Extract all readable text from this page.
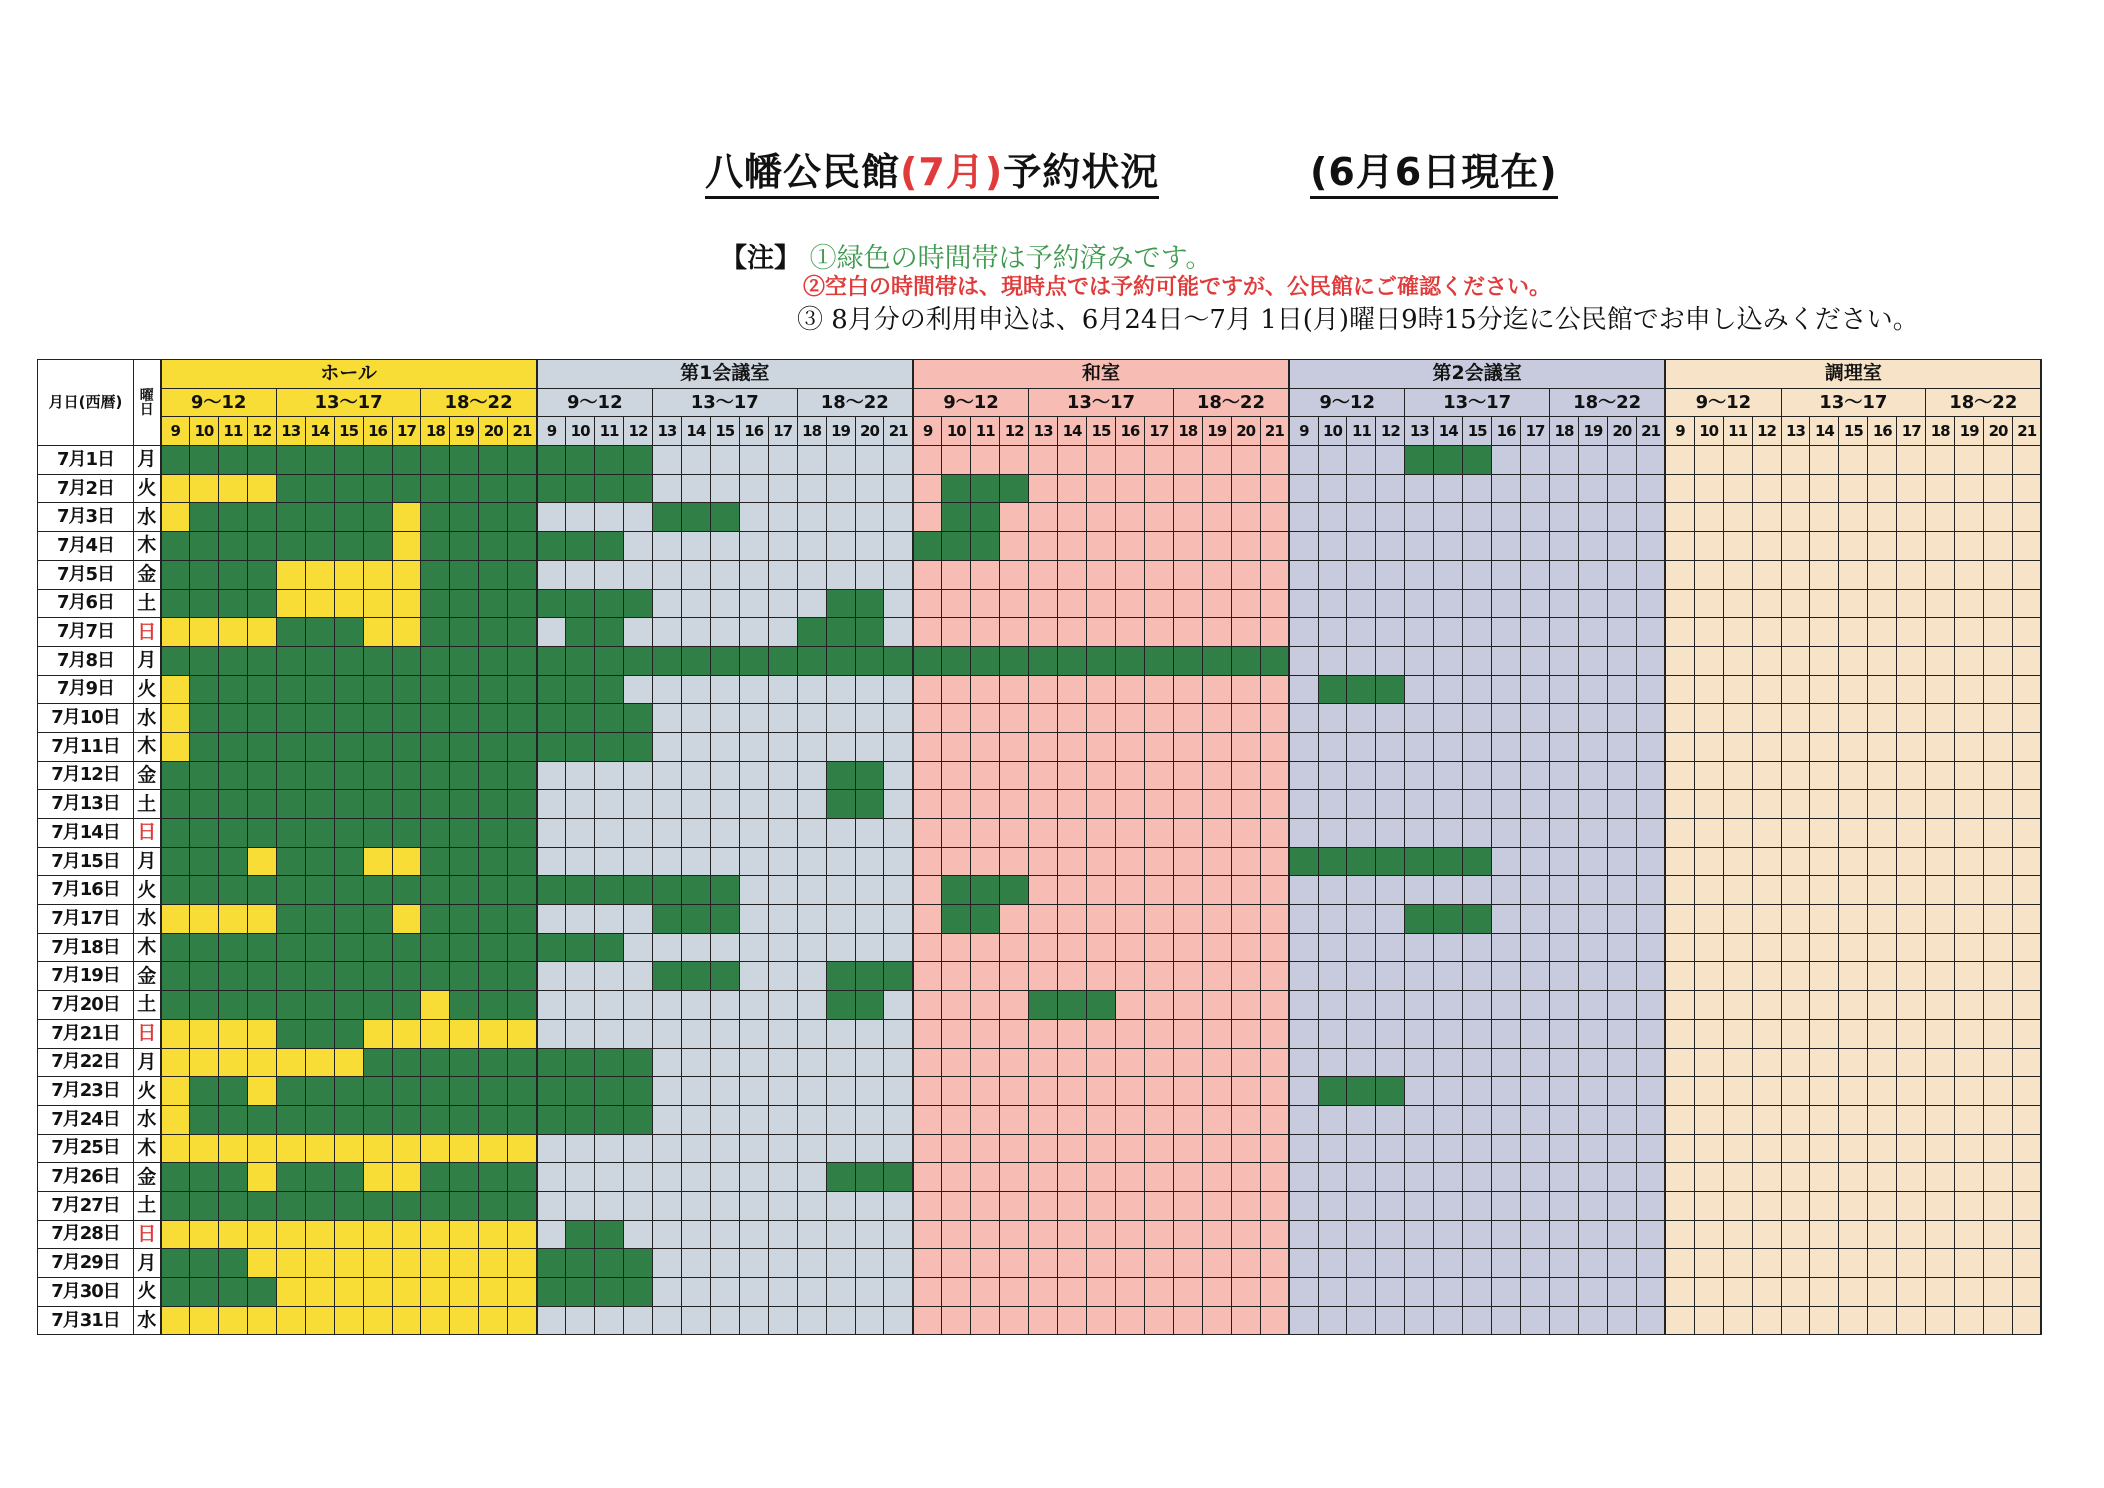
八幡公民館(7月)予約状況	(6月6日現在)
【注】 ①緑色の時間帯は予約済みです。
②空白の時間帯は、現時点では予約可能ですが、公民館にご確認ください。
③ 8月分の利用申込は、6月24日～7月 1日(月)曜日9時15分迄に公民館でお申し込みください。
月日(西暦)	曜日	ホール	第1会議室	和室	第2会議室	調理室
9～12	13～17	18～22	9～12	13～17	18～22	9～12	13～17	18～22	9～12	13～17	18～22	9～12	13～17	18～22
9	10	11	12	13	14	15	16	17	18	19	20	21	9	10	11	12	13	14	15	16	17	18	19	20	21	9	10	11	12	13	14	15	16	17	18	19	20	21	9	10	11	12	13	14	15	16	17	18	19	20	21	9	10	11	12	13	14	15	16	17	18	19	20	21
7月1日	月																																																																	
7月2日	火																																																																	
7月3日	水																																																																	
7月4日	木																																																																	
7月5日	金																																																																	
7月6日	土																																																																	
7月7日	日																																																																	
7月8日	月																																																																	
7月9日	火																																																																	
7月10日	水																																																																	
7月11日	木																																																																	
7月12日	金																																																																	
7月13日	土																																																																	
7月14日	日																																																																	
7月15日	月																																																																	
7月16日	火																																																																	
7月17日	水																																																																	
7月18日	木																																																																	
7月19日	金																																																																	
7月20日	土																																																																	
7月21日	日																																																																	
7月22日	月																																																																	
7月23日	火																																																																	
7月24日	水																																																																	
7月25日	木																																																																	
7月26日	金																																																																	
7月27日	土																																																																	
7月28日	日																																																																	
7月29日	月																																																																	
7月30日	火																																																																	
7月31日	水																																																																	
